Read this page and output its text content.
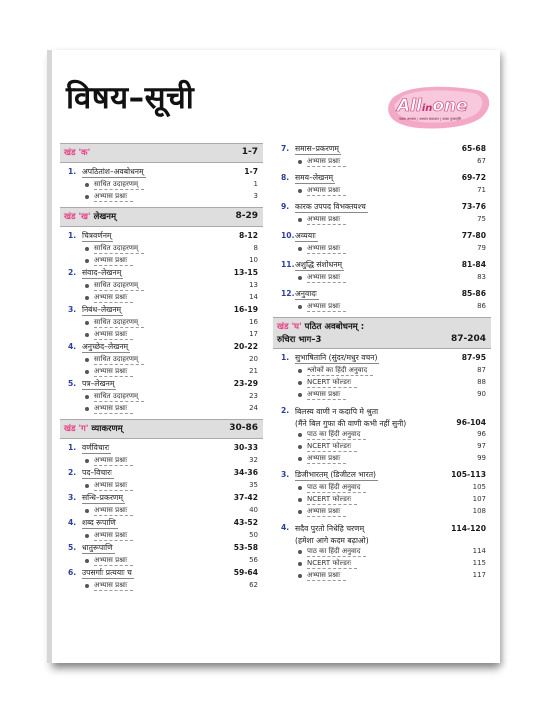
विषय–सूची	Allinone
पाठ्य अभ्यास | अध्याय समाधान | पाठ्य पुनरावृत्ति
खंड 'क'	1-7
1. अपठितांश–अवबोधनम्	1-7
साधित उदाहरणम्	1
अभ्यास प्रश्नाः	3
खंड 'ख' लेखनम्	8-29
1. चित्रवर्णनम्	8-12
साधित उदाहरणम्	8
अभ्यास प्रश्नाः	10
2. संवाद–लेखनम्	13-15
साधित उदाहरणम्	13
अभ्यास प्रश्नाः	14
3. निबंध–लेखनम्	16-19
साधित उदाहरणम्	16
अभ्यास प्रश्नाः	17
4. अनुच्छेद–लेखनम्	20-22
साधित उदाहरणम्	20
अभ्यास प्रश्नाः	21
5. पत्र–लेखनम्	23-29
साधित उदाहरणम्	23
अभ्यास प्रश्नाः	24
खंड 'ग' व्याकरणम्	30-86
1. वर्णविचारः	30-33
अभ्यास प्रश्नाः	32
2. पद–विचारः	34-36
अभ्यास प्रश्नाः	35
3. सन्धि–प्रकरणम्	37-42
अभ्यास प्रश्नाः	40
4. शब्द रूपाणि	43-52
अभ्यास प्रश्नाः	50
5. धातुरूपाणि	53-58
अभ्यास प्रश्नाः	56
6. उपसर्गाः प्रत्ययाः च	59-64
अभ्यास प्रश्नाः	62
7. समास–प्रकरणम्	65-68
अभ्यास प्रश्नाः	67
8. समय–लेखनम्	69-72
अभ्यास प्रश्नाः	71
9. कारक उपपद विभक्तयश्च	73-76
अभ्यास प्रश्नाः	75
10. अव्ययाः	77-80
अभ्यास प्रश्नाः	79
11. अशुद्धि संशोधनम्	81-84
अभ्यास प्रश्नाः	83
12. अनुवादः	85-86
अभ्यास प्रश्नाः	86
खंड 'घ' पठित अवबोधनम् :
रुचिरा भाग–3	87-204
1. सुभाषितानि (सुंदर/मधुर वचन)	87-95
श्लोकों का हिंदी अनुवाद	87
NCERT फोल्डरः	88
अभ्यास प्रश्नाः	90
2. बिलस्य वाणी न कदापि मे श्रुता
(मैंने बिल गुफा की वाणी कभी नहीं सुनी)	96-104
पाठ का हिंदी अनुवाद	96
NCERT फोल्डरः	97
अभ्यास प्रश्नाः	99
3. डिजीभारतम् (डिजीटल भारत)	105-113
पाठ का हिंदी अनुवाद	105
NCERT फोल्डरः	107
अभ्यास प्रश्नाः	108
4. सदैव पुरतो निधेहि चरणम्
(हमेशा आगे कदम बढ़ाओ)
114-120
पाठ का हिंदी अनुवाद	114
NCERT फोल्डरः	115
अभ्यास प्रश्नाः	117
